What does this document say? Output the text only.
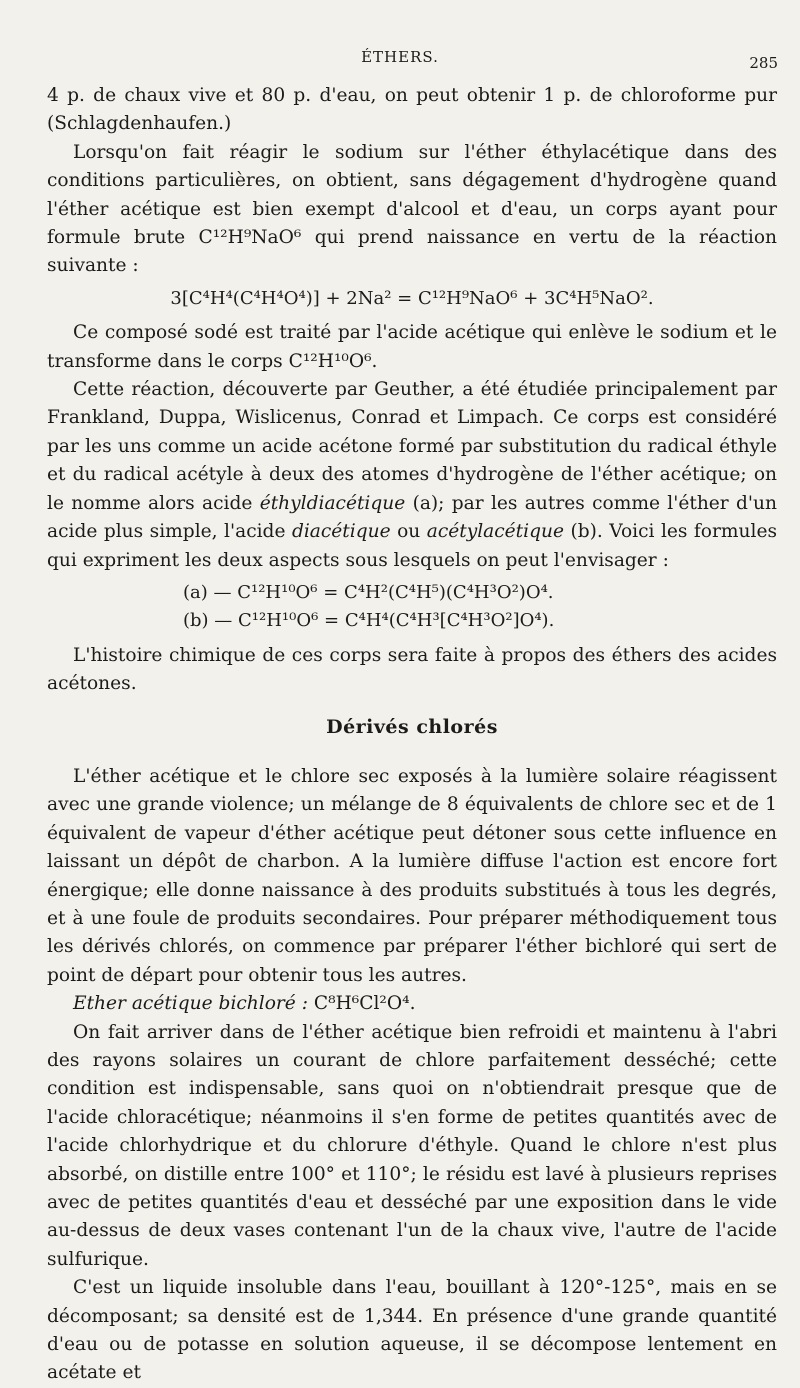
ÉTHERS.	285

4 p. de chaux vive et 80 p. d'eau, on peut obtenir 1 p. de chloroforme pur (Schlagdenhaufen.)

Lorsqu'on fait réagir le sodium sur l'éther éthylacétique dans des conditions particulières, on obtient, sans dégagement d'hydrogène quand l'éther acétique est bien exempt d'alcool et d'eau, un corps ayant pour formule brute C¹²H⁹NaO⁶ qui prend naissance en vertu de la réaction suivante :

3[C⁴H⁴(C⁴H⁴O⁴)] + 2Na² = C¹²H⁹NaO⁶ + 3C⁴H⁵NaO².

Ce composé sodé est traité par l'acide acétique qui enlève le sodium et le transforme dans le corps C¹²H¹⁰O⁶.

Cette réaction, découverte par Geuther, a été étudiée principalement par Frankland, Duppa, Wislicenus, Conrad et Limpach. Ce corps est considéré par les uns comme un acide acétone formé par substitution du radical éthyle et du radical acétyle à deux des atomes d'hydrogène de l'éther acétique; on le nomme alors acide éthyldiacétique (a); par les autres comme l'éther d'un acide plus simple, l'acide diacétique ou acétylacétique (b). Voici les formules qui expriment les deux aspects sous lesquels on peut l'envisager :

(a) — C¹²H¹⁰O⁶ = C⁴H²(C⁴H⁵)(C⁴H³O²)O⁴.
(b) — C¹²H¹⁰O⁶ = C⁴H⁴(C⁴H³[C⁴H³O²]O⁴).

L'histoire chimique de ces corps sera faite à propos des éthers des acides acétones.

Dérivés chlorés

L'éther acétique et le chlore sec exposés à la lumière solaire réagissent avec une grande violence; un mélange de 8 équivalents de chlore sec et de 1 équivalent de vapeur d'éther acétique peut détoner sous cette influence en laissant un dépôt de charbon. A la lumière diffuse l'action est encore fort énergique; elle donne naissance à des produits substitués à tous les degrés, et à une foule de produits secondaires. Pour préparer méthodiquement tous les dérivés chlorés, on commence par préparer l'éther bichloré qui sert de point de départ pour obtenir tous les autres.

Ether acétique bichloré : C⁸H⁶Cl²O⁴.

On fait arriver dans de l'éther acétique bien refroidi et maintenu à l'abri des rayons solaires un courant de chlore parfaitement desséché; cette condition est indispensable, sans quoi on n'obtiendrait presque que de l'acide chloracétique; néanmoins il s'en forme de petites quantités avec de l'acide chlorhydrique et du chlorure d'éthyle. Quand le chlore n'est plus absorbé, on distille entre 100° et 110°; le résidu est lavé à plusieurs reprises avec de petites quantités d'eau et desséché par une exposition dans le vide au-dessus de deux vases contenant l'un de la chaux vive, l'autre de l'acide sulfurique.

C'est un liquide insoluble dans l'eau, bouillant à 120°-125°, mais en se décomposant; sa densité est de 1,344. En présence d'une grande quantité d'eau ou de potasse en solution aqueuse, il se décompose lentement en acétate et
